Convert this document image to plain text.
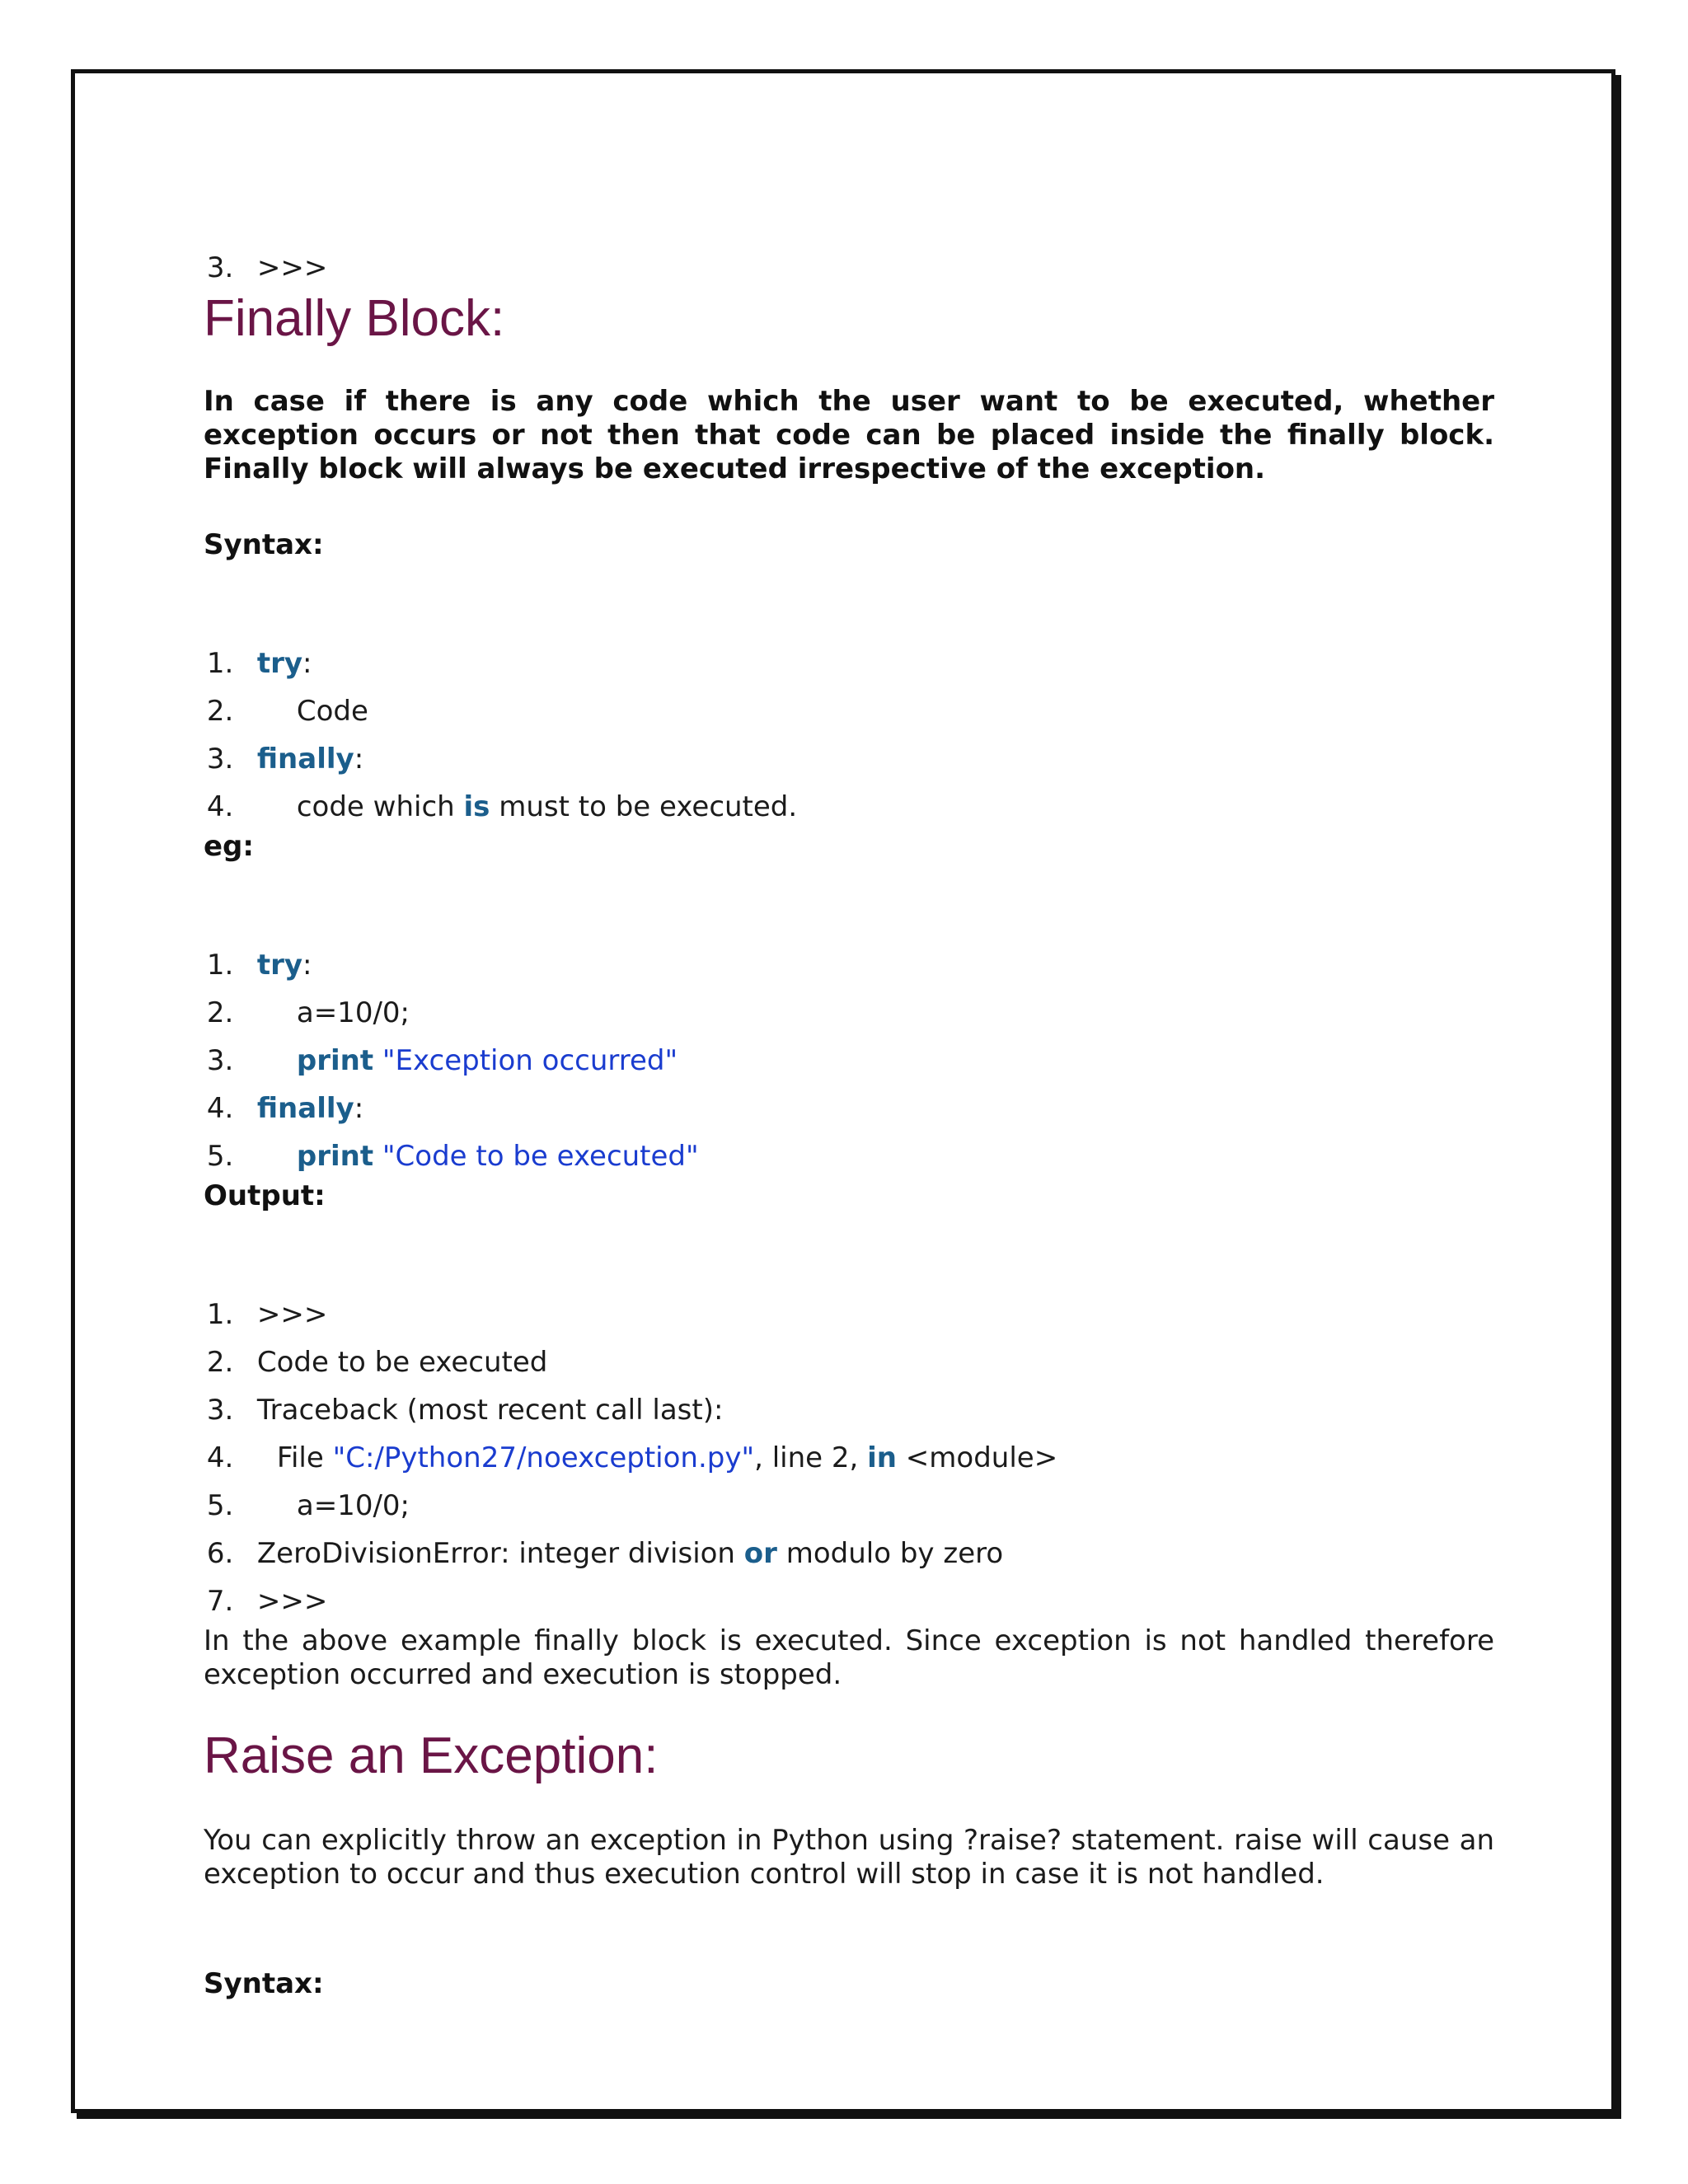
3. >>>

Finally Block:
In case if there is any code which the user want to be executed, whether exception occurs or not then that code can be placed inside the finally block. Finally block will always be executed irrespective of the exception.
Syntax:

1. try:

2. Code

3. finally:

4. code which is must to be executed.

eg:

1. try:

2. a=10/0;

3. print "Exception occurred"

4. finally:

5. print "Code to be executed"

Output:

1. >>>

2. Code to be executed

3. Traceback (most recent call last):

4. File "C:/Python27/noexception.py", line 2, in <module>

5. a=10/0;

6. ZeroDivisionError: integer division or modulo by zero

7. >>>

In the above example finally block is executed. Since exception is not handled therefore exception occurred and execution is stopped.
Raise an Exception:
You can explicitly throw an exception in Python using ?raise? statement. raise will cause an exception to occur and thus execution control will stop in case it is not handled.
Syntax:
